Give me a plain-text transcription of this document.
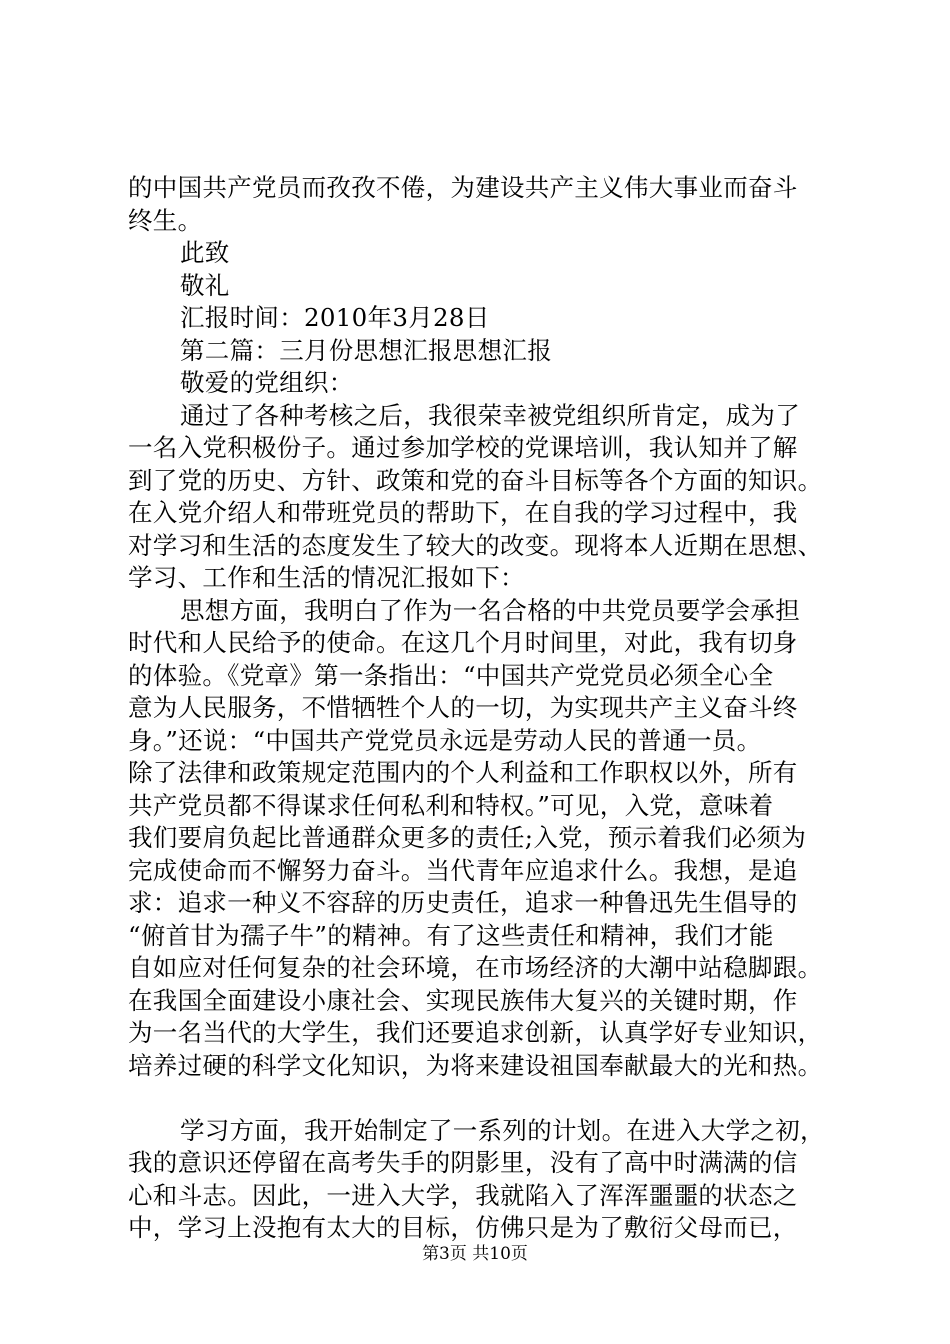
的中国共产党员而孜孜不倦，为建设共产主义伟大事业而奋斗
终生。
此致
敬礼
汇报时间：2010年3月28日
第二篇：三月份思想汇报思想汇报
敬爱的党组织：
通过了各种考核之后，我很荣幸被党组织所肯定，成为了
一名入党积极份子。通过参加学校的党课培训，我认知并了解
到了党的历史、方针、政策和党的奋斗目标等各个方面的知识。
在入党介绍人和带班党员的帮助下，在自我的学习过程中，我
对学习和生活的态度发生了较大的改变。现将本人近期在思想、
学习、工作和生活的情况汇报如下：
思想方面，我明白了作为一名合格的中共党员要学会承担
时代和人民给予的使命。在这几个月时间里，对此，我有切身
的体验。《党章》第一条指出：“中国共产党党员必须全心全
意为人民服务，不惜牺牲个人的一切，为实现共产主义奋斗终
身。”还说：“中国共产党党员永远是劳动人民的普通一员。
除了法律和政策规定范围内的个人利益和工作职权以外，所有
共产党员都不得谋求任何私利和特权。”可见，入党，意味着
我们要肩负起比普通群众更多的责任;入党，预示着我们必须为
完成使命而不懈努力奋斗。当代青年应追求什么。我想，是追
求：追求一种义不容辞的历史责任，追求一种鲁迅先生倡导的
“俯首甘为孺子牛”的精神。有了这些责任和精神，我们才能
自如应对任何复杂的社会环境，在市场经济的大潮中站稳脚跟。
在我国全面建设小康社会、实现民族伟大复兴的关键时期，作
为一名当代的大学生，我们还要追求创新，认真学好专业知识，
培养过硬的科学文化知识，为将来建设祖国奉献最大的光和热。
学习方面，我开始制定了一系列的计划。在进入大学之初，
我的意识还停留在高考失手的阴影里，没有了高中时满满的信
心和斗志。因此，一进入大学，我就陷入了浑浑噩噩的状态之
中，学习上没抱有太大的目标，仿佛只是为了敷衍父母而已，
第3页 共10页
